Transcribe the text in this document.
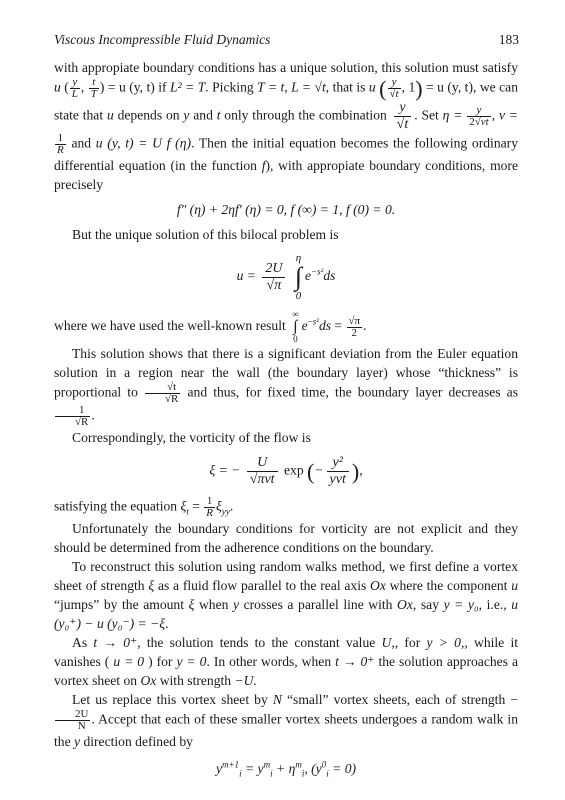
Viscous Incompressible Fluid Dynamics	183

with appropiate boundary conditions has a unique solution, this solution must satisfy u ( $\frac{y}{L}$ , $\frac{t}{T}$ ) = u (y, t) if L² = T. Picking T = t, L = √t, that is u ( $\frac{y}{√t}$ , 1) = u (y, t), we can state that u depends on y and t only through the combination $\frac{y}{√t}$ . Set $\eta = \frac{y}{2√\nu t}$ , ν =
$\frac{1}{R}$ and u (y, t) = U f (η). Then the initial equation becomes the following ordinary differential equation (in the function f), with appropiate boundary conditions, more precisely

f″ (η) + 2ηf′ (η) = 0, f (∞) = 1, f (0) = 0.

But the unique solution of this bilocal problem is

$u = \frac{2U}{√\pi}$
η
∫
$0e^{-s^2}ds$

where we have used the well-known result ∞
∫
$0e^{-s^2}ds = \frac{√\pi}{2}$ .

This solution shows that there is a significant deviation from the Euler equation solution in a region near the wall (the boundary layer) whose “thickness” is proportional to $\frac{√t}{√R}$ and thus, for fixed time, the boundary layer decreases as
$\frac{1}{√R}$ .

Correspondingly, the vorticity of the flow is

ξ = −
U
√πνt
exp (−
y²
yνt ),

satisfying the equation $\xi_t = \frac{1}{R} \xi_{yy}$.

Unfortunately the boundary conditions for vorticity are not explicit and they should be determined from the adherence conditions on the boundary.

To reconstruct this solution using random walks method, we first define a vortex sheet of strength ξ as a fluid flow parallel to the real axis Ox where the component u “jumps” by the amount ξ when y crosses a parallel line with Ox, say y = y₀, i.e., u (y₀⁺) − u (y₀⁻) = −ξ.

As t → 0⁺, the solution tends to the constant value U,, for y > 0,, while it vanishes ( u = 0 ) for y = 0. In other words, when t → 0⁺ the solution approaches a vortex sheet on Ox with strength −U.

Let us replace this vortex sheet by N “small” vortex sheets, each of strength −
$\frac{2U}{N}$ . Accept that each of these smaller vortex sheets undergoes a random walk in the y direction defined by

$y^{m+1}_i = y^m_i + \eta^m_i$, $(y^0_i = 0)$
